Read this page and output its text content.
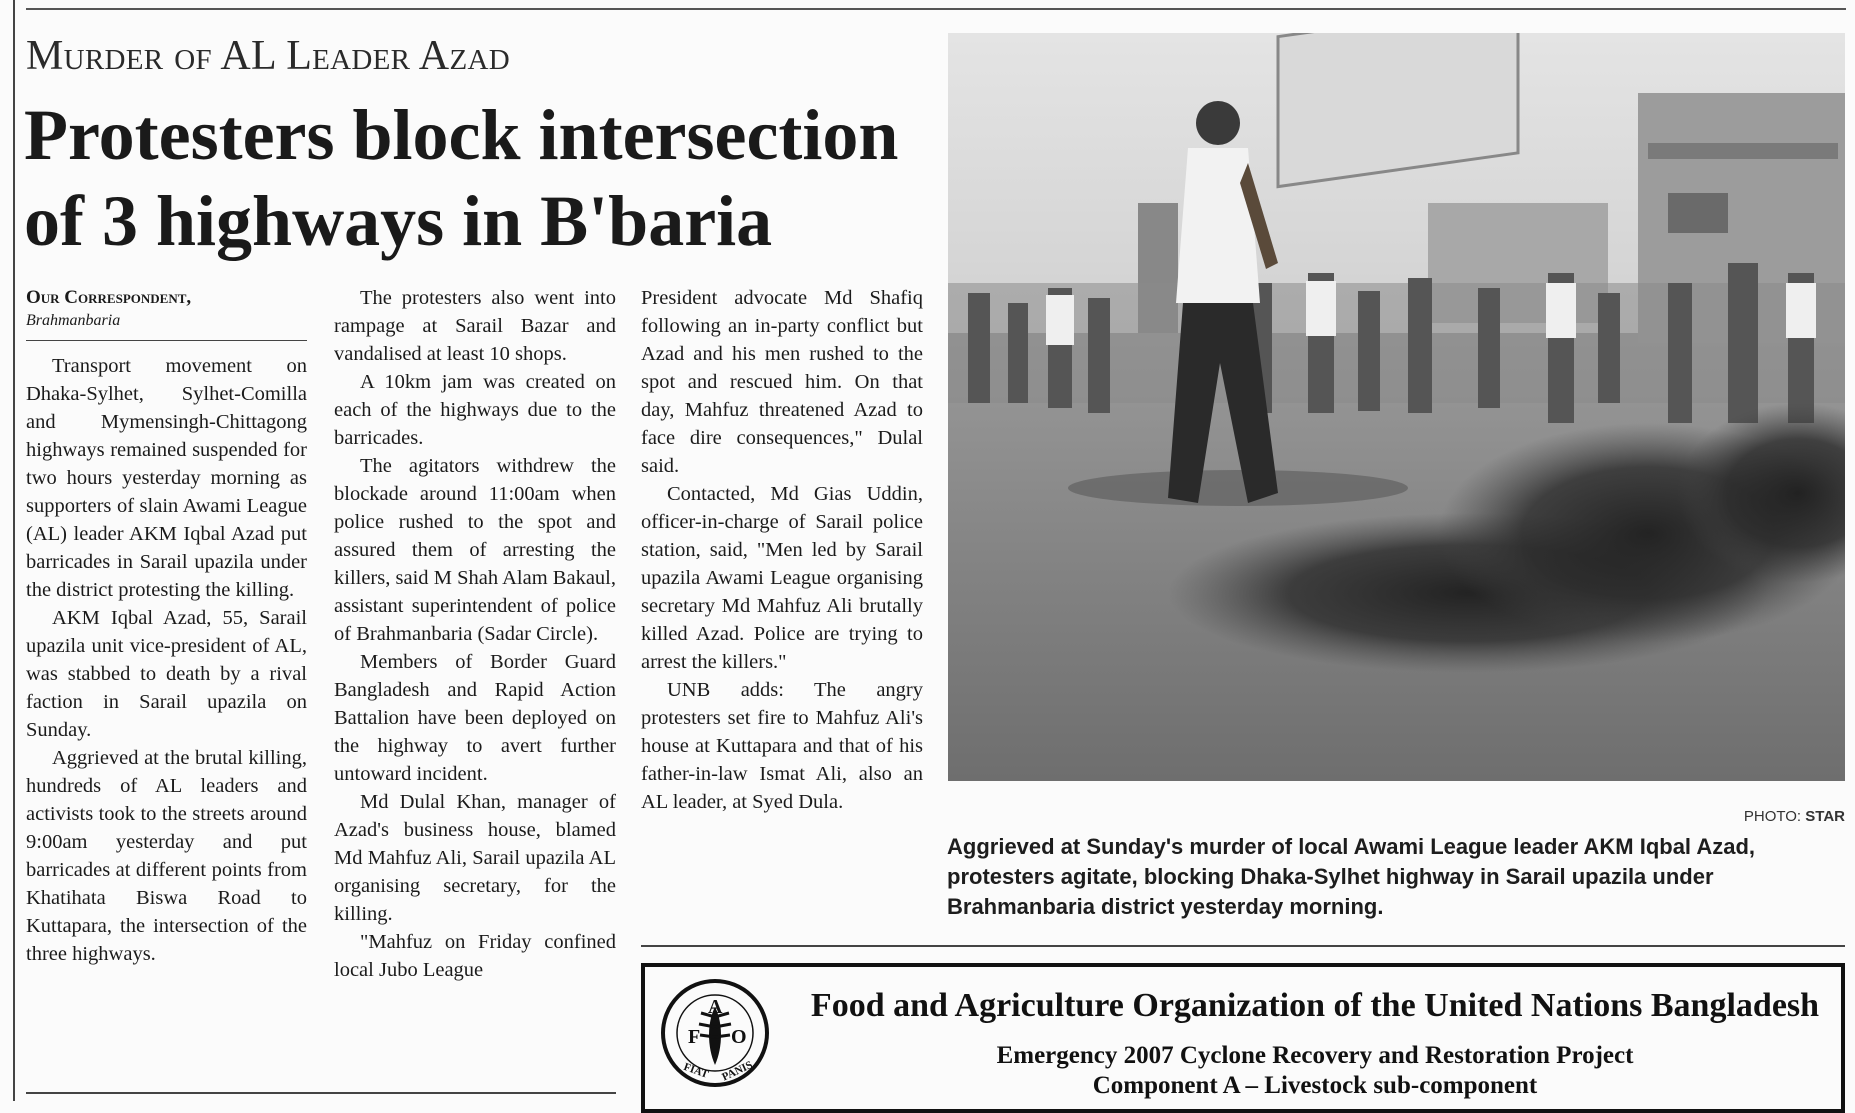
Murder of AL Leader Azad
Protesters block intersection of 3 highways in B'baria
Our Correspondent,
Brahmanbaria

Transport movement on Dhaka-Sylhet, Sylhet-Comilla and Mymensingh-Chittagong highways remained suspended for two hours yesterday morning as supporters of slain Awami League (AL) leader AKM Iqbal Azad put barricades in Sarail upazila under the district protesting the killing.

AKM Iqbal Azad, 55, Sarail upazila unit vice-president of AL, was stabbed to death by a rival faction in Sarail upazila on Sunday.

Aggrieved at the brutal killing, hundreds of AL leaders and activists took to the streets around 9:00am yesterday and put barricades at different points from Khatihata Biswa Road to Kuttapara, the intersection of the three highways.

The protesters also went into rampage at Sarail Bazar and vandalised at least 10 shops.

A 10km jam was created on each of the highways due to the barricades.

The agitators withdrew the blockade around 11:00am when police rushed to the spot and assured them of arresting the killers, said M Shah Alam Bakaul, assistant superintendent of police of Brahmanbaria (Sadar Circle).

Members of Border Guard Bangladesh and Rapid Action Battalion have been deployed on the highway to avert further untoward incident.

Md Dulal Khan, manager of Azad's business house, blamed Md Mahfuz Ali, Sarail upazila AL organising secretary, for the killing.

"Mahfuz on Friday confined local Jubo League

President advocate Md Shafiq following an in-party conflict but Azad and his men rushed to the spot and rescued him. On that day, Mahfuz threatened Azad to face dire consequences," Dulal said.

Contacted, Md Gias Uddin, officer-in-charge of Sarail police station, said, "Men led by Sarail upazila Awami League organising secretary Md Mahfuz Ali brutally killed Azad. Police are trying to arrest the killers."

UNB adds: The angry protesters set fire to Mahfuz Ali's house at Kuttapara and that of his father-in-law Ismat Ali, also an AL leader, at Syed Dula.

PHOTO: STAR

Aggrieved at Sunday's murder of local Awami League leader AKM Iqbal Azad, protesters agitate, blocking Dhaka-Sylhet highway in Sarail upazila under Brahmanbaria district yesterday morning.

F
A
O
FIAT PANIS

Food and Agriculture Organization of the United Nations Bangladesh

Emergency 2007 Cyclone Recovery and Restoration Project

Component A – Livestock sub-component
